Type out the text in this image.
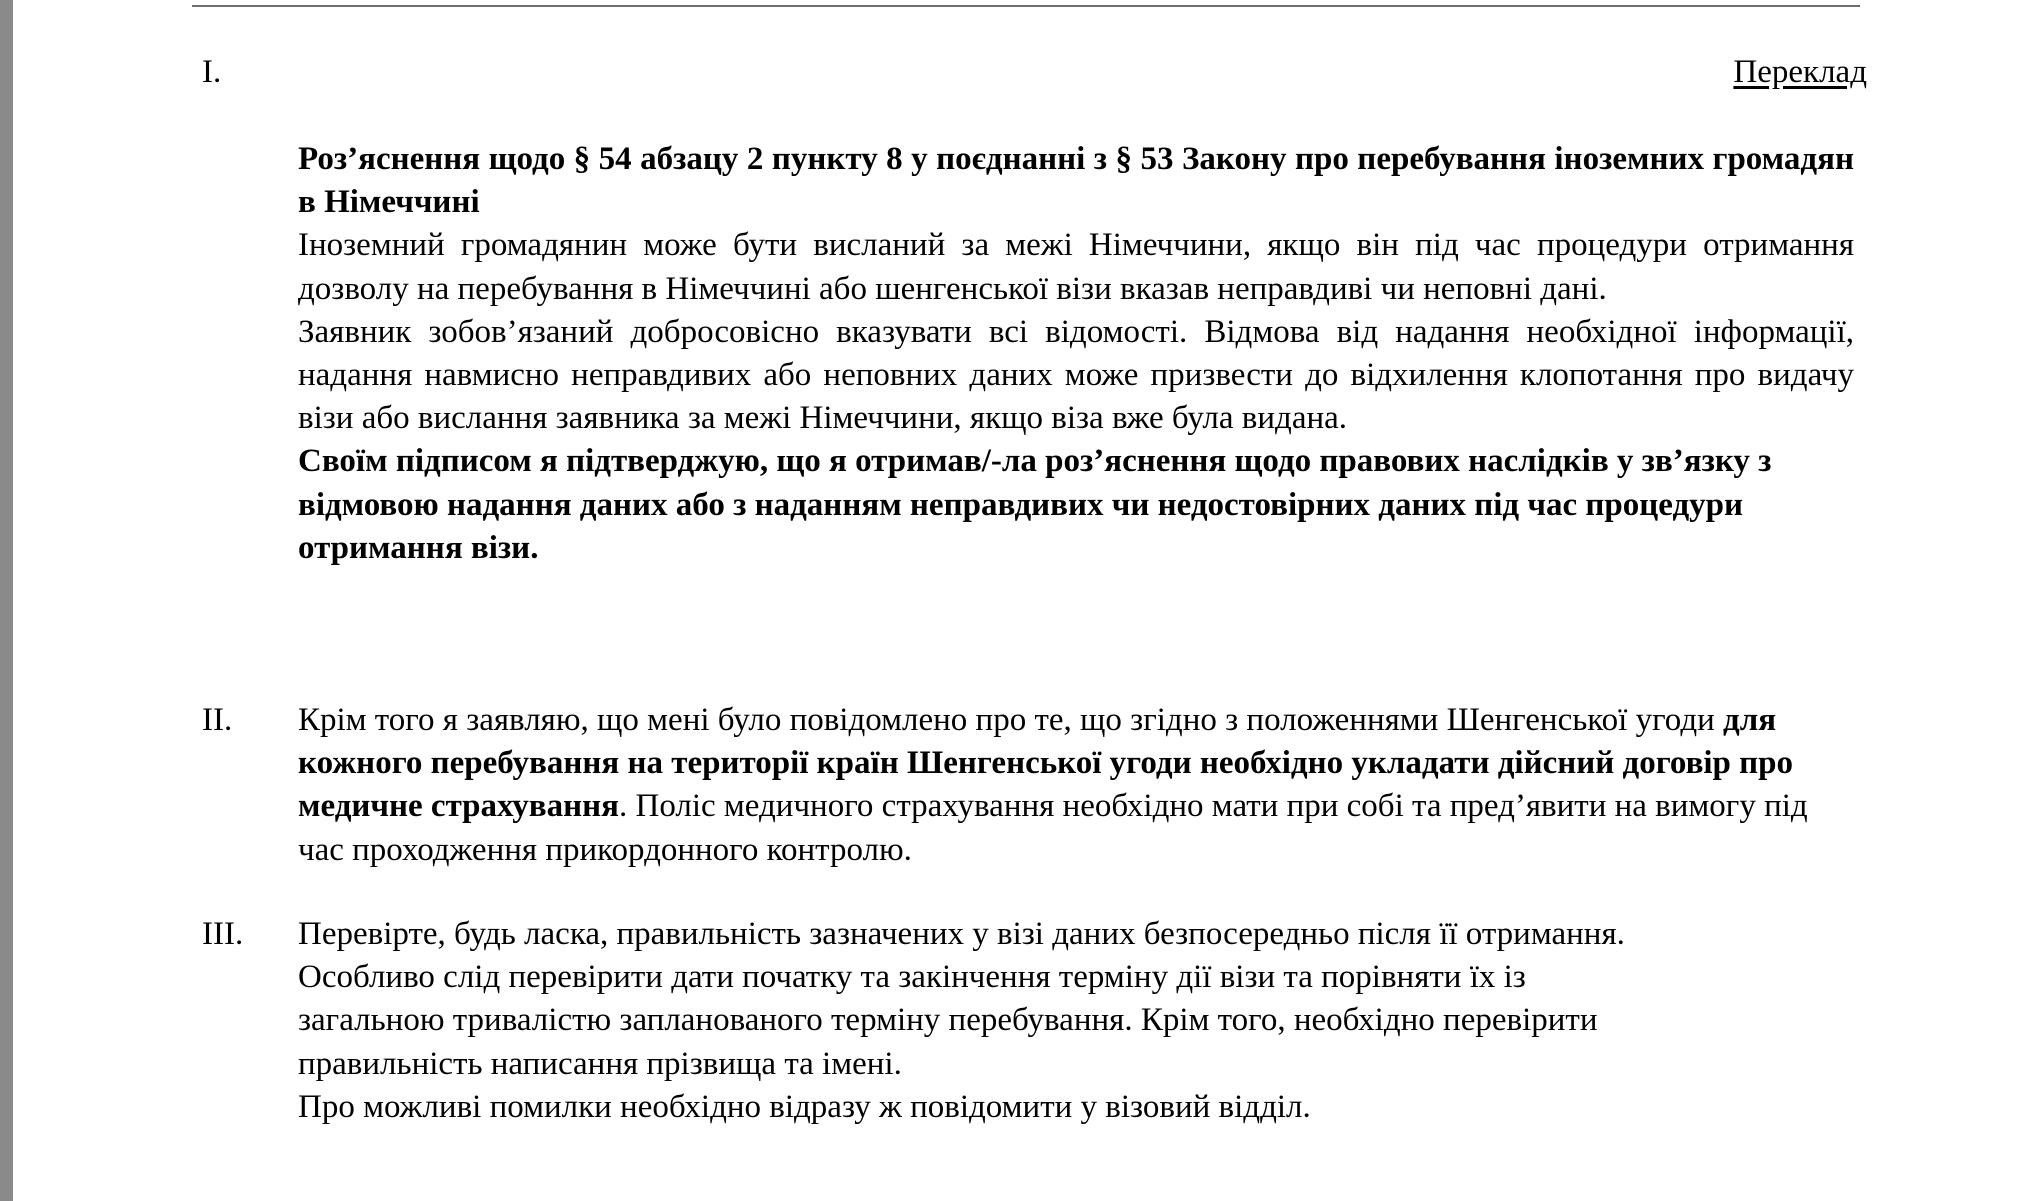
I.	Переклад

Роз’яснення щодо § 54 абзацу 2 пункту 8 у поєднанні з § 53 Закону про перебування іноземних громадян в Німеччині

Іноземний громадянин може бути висланий за межі Німеччини, якщо він під час процедури отримання дозволу на перебування в Німеччині або шенгенської візи вказав неправдиві чи неповні дані.

Заявник зобов’язаний добросовісно вказувати всі відомості. Відмова від надання необхідної інформації, надання навмисно неправдивих або неповних даних може призвести до відхилення клопотання про видачу візи або вислання заявника за межі Німеччини, якщо віза вже була видана.

Своїм підписом я підтверджую, що я отримав/-ла роз’яснення щодо правових наслідків у зв’язку з відмовою надання даних або з наданням неправдивих чи недостовірних даних під час процедури отримання візи.

II. Крім того я заявляю, що мені було повідомлено про те, що згідно з положеннями Шенгенської угоди для кожного перебування на території країн Шенгенської угоди необхідно укладати дійсний договір про медичне страхування. Поліс медичного страхування необхідно мати при собі та пред’явити на вимогу під час проходження прикордонного контролю.

III. Перевірте, будь ласка, правильність зазначених у візі даних безпосередньо після її отримання.

Особливо слід перевірити дати початку та закінчення терміну дії візи та порівняти їх із

загальною тривалістю запланованого терміну перебування. Крім того, необхідно перевірити

правильність написання прізвища та імені.

Про можливі помилки необхідно відразу ж повідомити у візовий відділ.
